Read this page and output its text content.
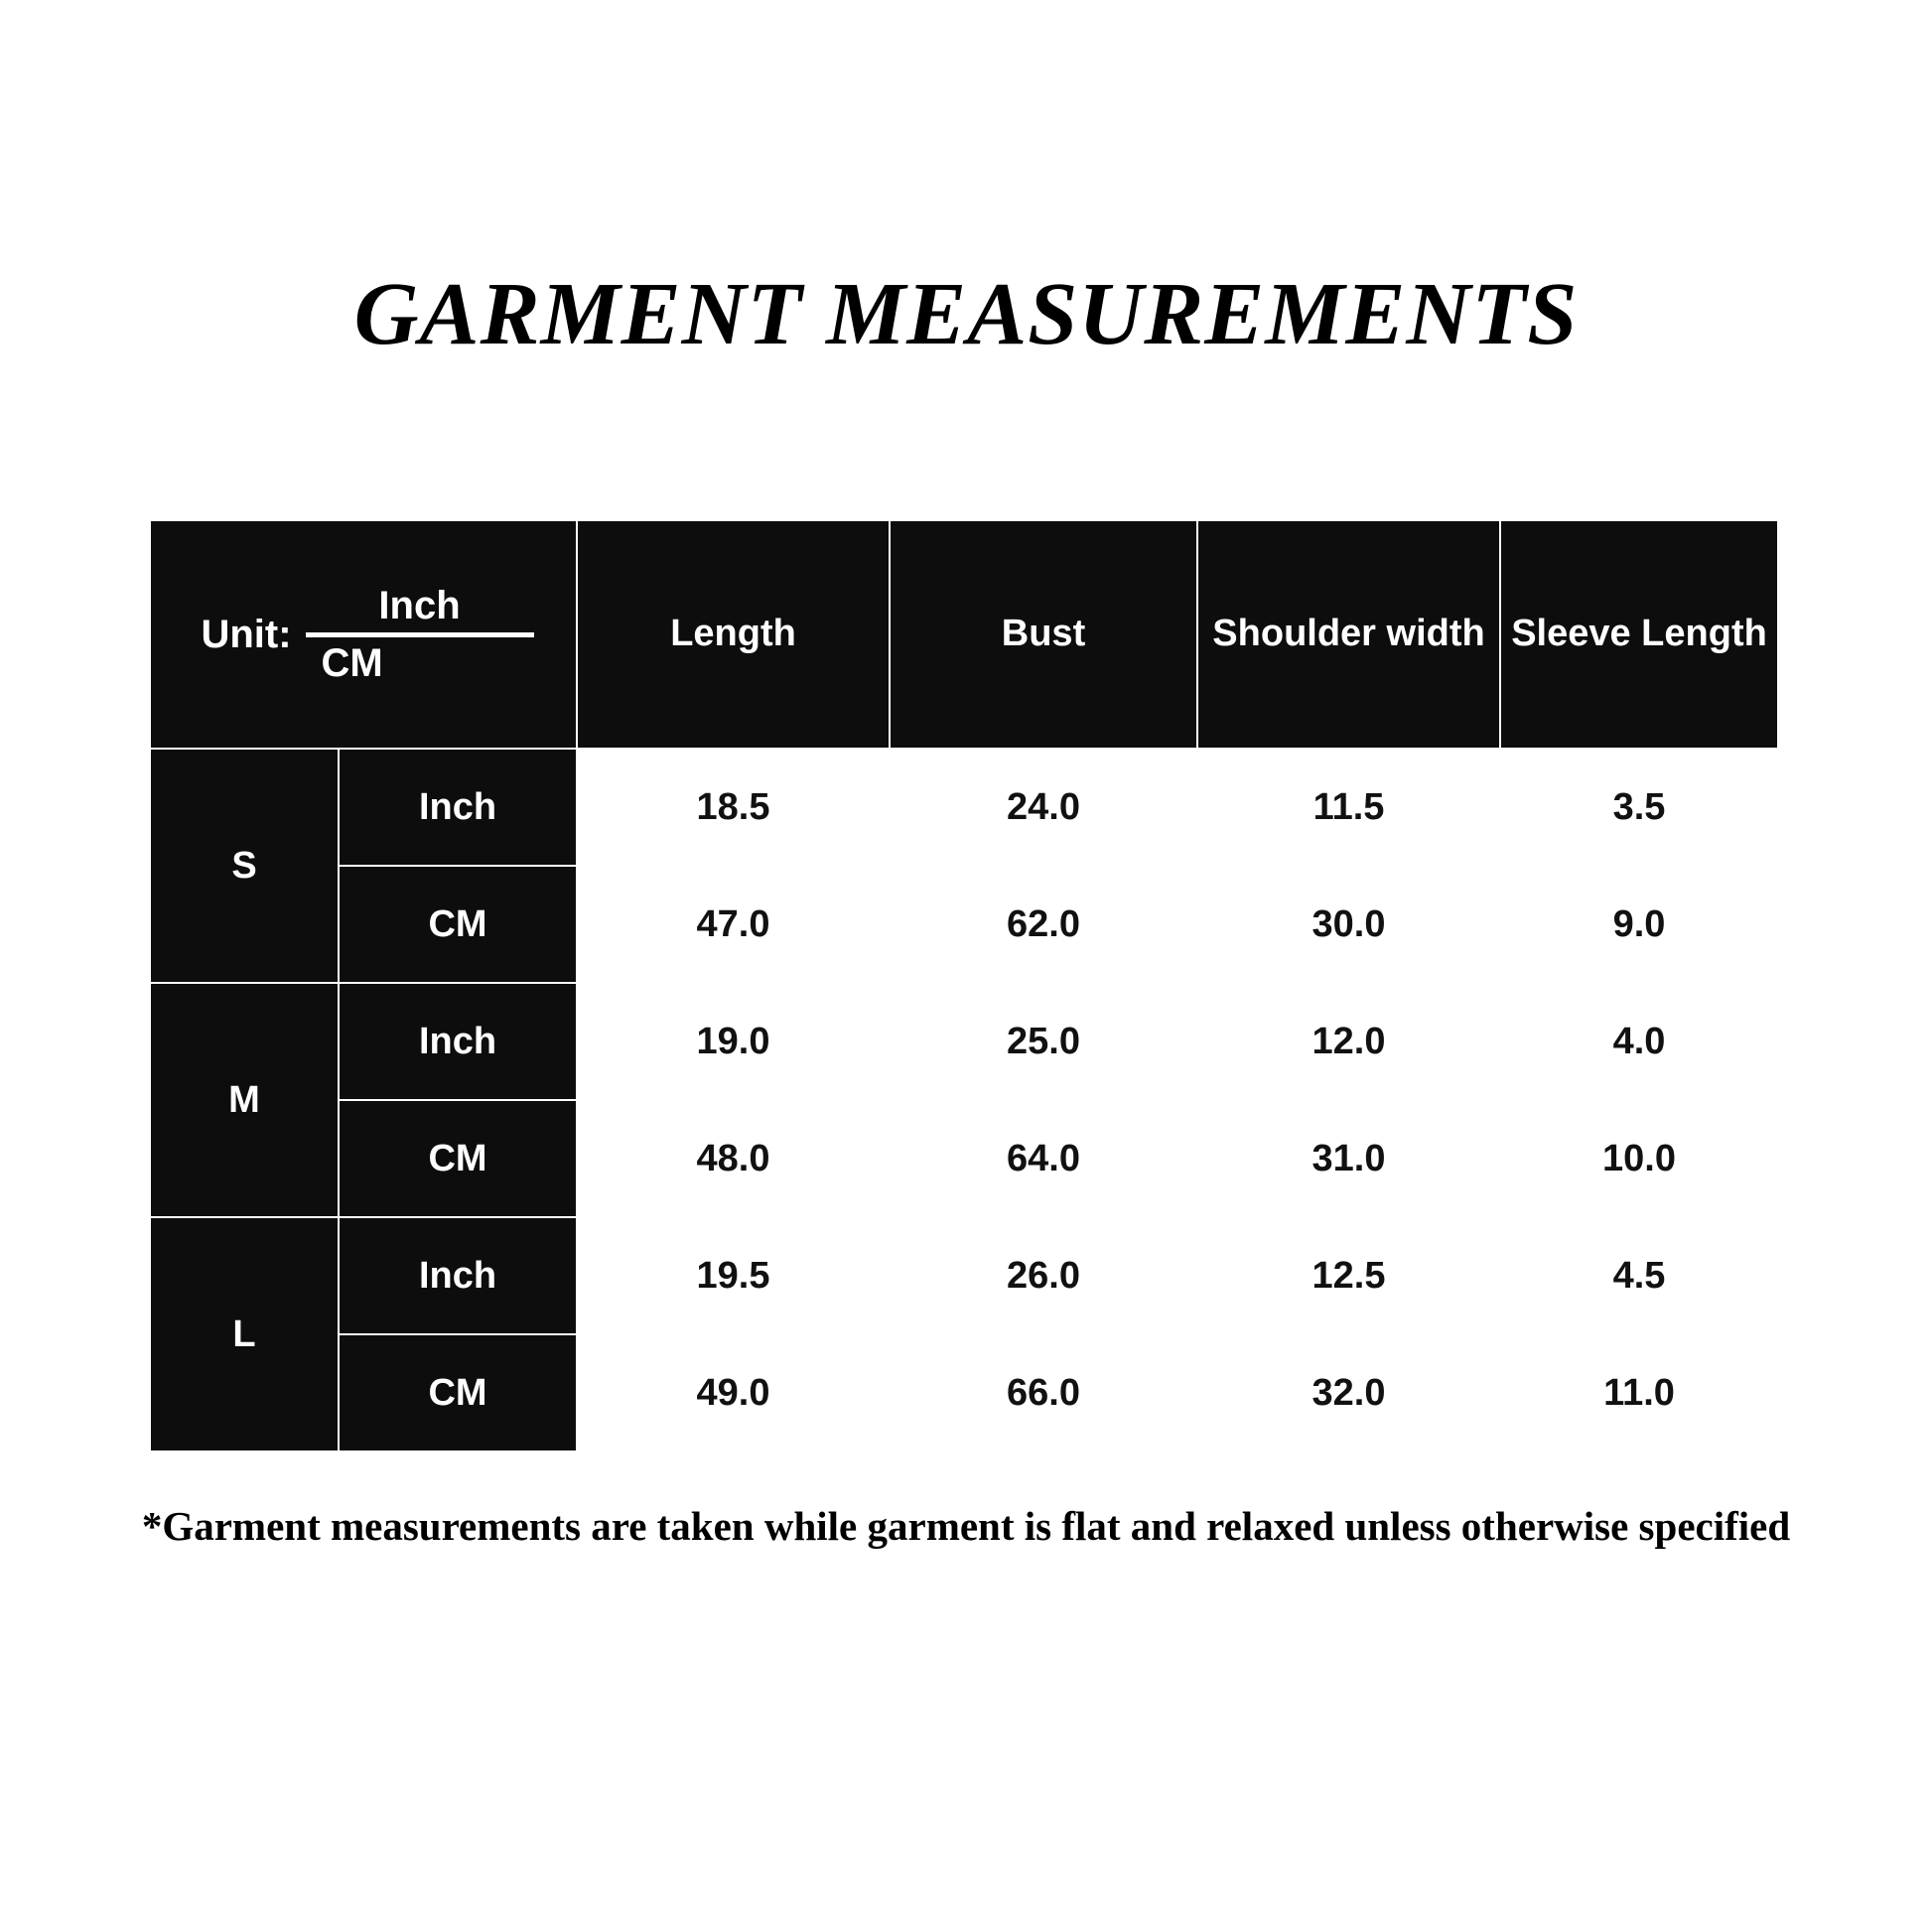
GARMENT MEASUREMENTS
Unit:
Inch
CM		Length	Bust	Shoulder width	Sleeve Length
S	Inch	18.5	24.0	11.5	3.5
	CM	47.0	62.0	30.0	9.0
M	Inch	19.0	25.0	12.0	4.0
	CM	48.0	64.0	31.0	10.0
L	Inch	19.5	26.0	12.5	4.5
	CM	49.0	66.0	32.0	11.0
*Garment measurements are taken while garment is flat and relaxed unless otherwise specified
